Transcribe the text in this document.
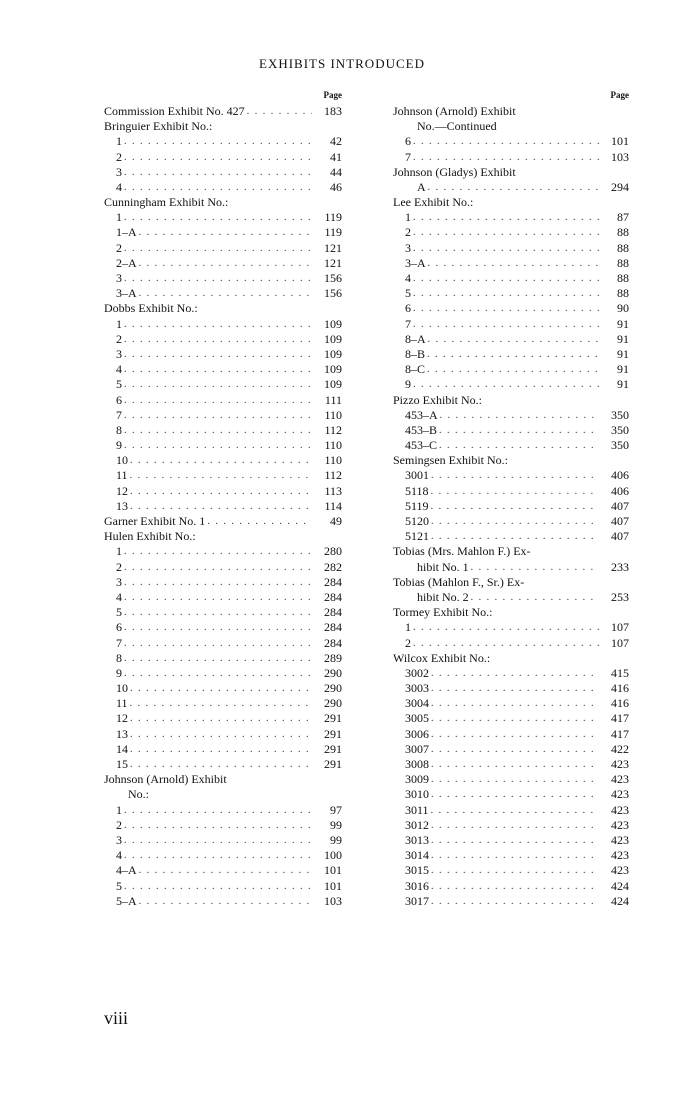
EXHIBITS INTRODUCED
Page
Commission Exhibit No. 427 . . .	183
Bringuier Exhibit No.:
1 . . .	42
2 . . .	41
3 . . .	44
4 . . .	46
Cunningham Exhibit No.:
1 . . .	119
1–A . . .	119
2 . . .	121
2–A . . .	121
3 . . .	156
3–A . . .	156
Dobbs Exhibit No.:
1 . . .	109
2 . . .	109
3 . . .	109
4 . . .	109
5 . . .	109
6 . . .	111
7 . . .	110
8 . . .	112
9 . . .	110
10 . . .	110
11 . . .	112
12 . . .	113
13 . . .	114
Garner Exhibit No. 1 . . .	49
Hulen Exhibit No.:
1 . . .	280
2 . . .	282
3 . . .	284
4 . . .	284
5 . . .	284
6 . . .	284
7 . . .	284
8 . . .	289
9 . . .	290
10 . . .	290
11 . . .	290
12 . . .	291
13 . . .	291
14 . . .	291
15 . . .	291
Johnson (Arnold) Exhibit
No.:
1 . . .	97
2 . . .	99
3 . . .	99
4 . . .	100
4–A . . .	101
5 . . .	101
5–A . . .	103
Page
Johnson (Arnold) Exhibit
No.—Continued
6 . . .	101
7 . . .	103
Johnson (Gladys) Exhibit
A . . .	294
Lee Exhibit No.:
1 . . .	87
2 . . .	88
3 . . .	88
3–A . . .	88
4 . . .	88
5 . . .	88
6 . . .	90
7 . . .	91
8–A . . .	91
8–B . . .	91
8–C . . .	91
9 . . .	91
Pizzo Exhibit No.:
453–A . . .	350
453–B . . .	350
453–C . . .	350
Semingsen Exhibit No.:
3001 . . .	406
5118 . . .	406
5119 . . .	407
5120 . . .	407
5121 . . .	407
Tobias (Mrs. Mahlon F.) Ex-
hibit No. 1 . . .	233
Tobias (Mahlon F., Sr.) Ex-
hibit No. 2 . . .	253
Tormey Exhibit No.:
1 . . .	107
2 . . .	107
Wilcox Exhibit No.:
3002 . . .	415
3003 . . .	416
3004 . . .	416
3005 . . .	417
3006 . . .	417
3007 . . .	422
3008 . . .	423
3009 . . .	423
3010 . . .	423
3011 . . .	423
3012 . . .	423
3013 . . .	423
3014 . . .	423
3015 . . .	423
3016 . . .	424
3017 . . .	424
viii
